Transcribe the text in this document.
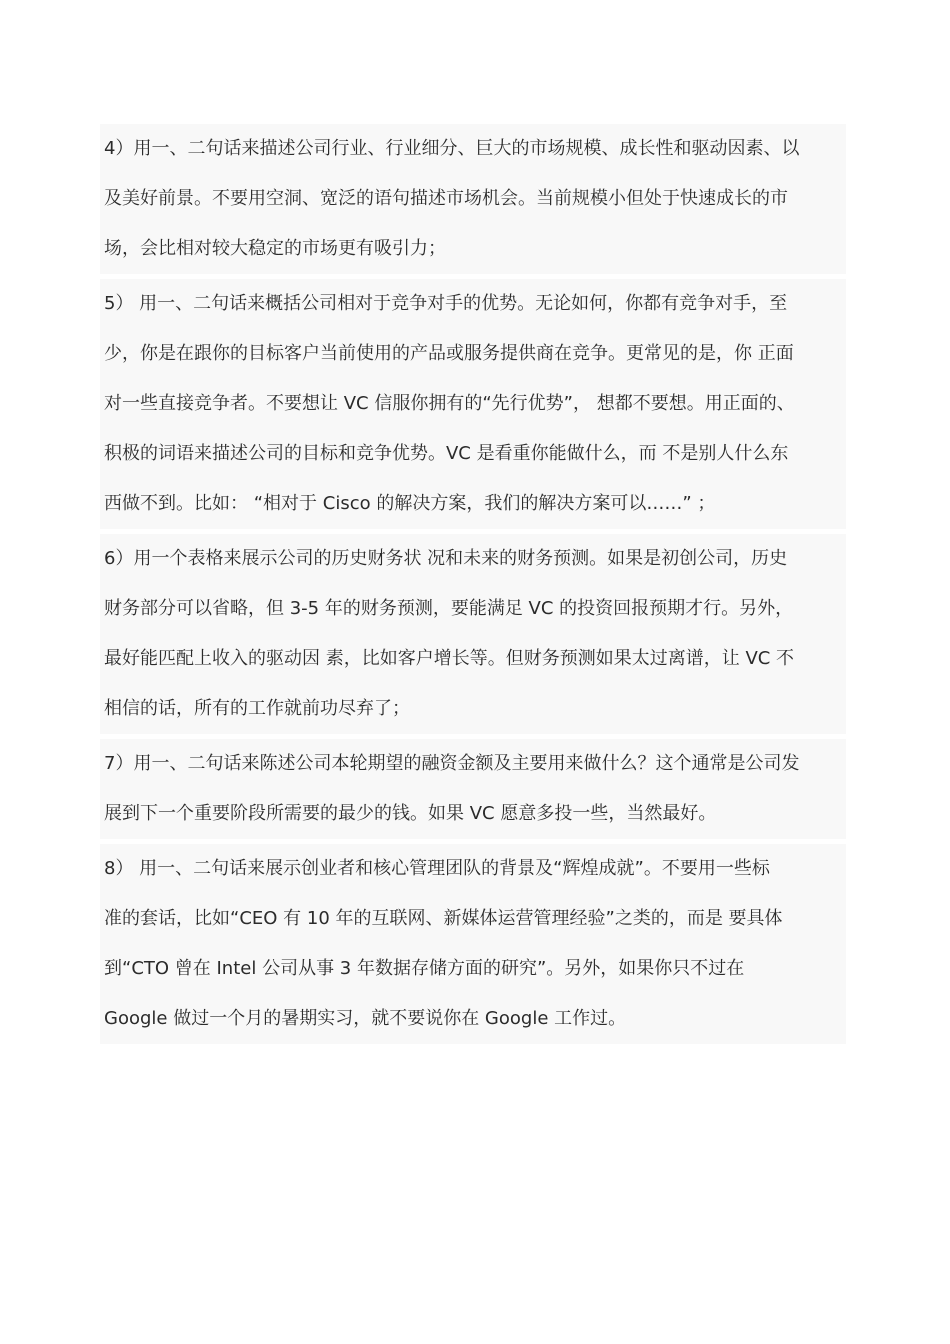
4）用一、二句话来描述公司行业、行业细分、巨大的市场规模、成长性和驱动因素、以
及美好前景。不要用空洞、宽泛的语句描述市场机会。当前规模小但处于快速成长的市
场，会比相对较大稳定的市场更有吸引力；
5） 用一、二句话来概括公司相对于竞争对手的优势。无论如何，你都有竞争对手，至
少，你是在跟你的目标客户当前使用的产品或服务提供商在竞争。更常见的是，你 正面
对一些直接竞争者。不要想让 VC 信服你拥有的“先行优势”， 想都不要想。用正面的、
积极的词语来描述公司的目标和竞争优势。VC 是看重你能做什么，而 不是别人什么东
西做不到。比如： “相对于 Cisco 的解决方案，我们的解决方案可以……” ；
6）用一个表格来展示公司的历史财务状 况和未来的财务预测。如果是初创公司，历史
财务部分可以省略，但 3-5 年的财务预测，要能满足 VC 的投资回报预期才行。另外，
最好能匹配上收入的驱动因 素，比如客户增长等。但财务预测如果太过离谱，让 VC 不
相信的话，所有的工作就前功尽弃了；
7）用一、二句话来陈述公司本轮期望的融资金额及主要用来做什么？这个通常是公司发
展到下一个重要阶段所需要的最少的钱。如果 VC 愿意多投一些，当然最好。
8） 用一、二句话来展示创业者和核心管理团队的背景及“辉煌成就”。不要用一些标
准的套话，比如“CEO 有 10 年的互联网、新媒体运营管理经验”之类的，而是 要具体
到“CTO 曾在 Intel 公司从事 3 年数据存储方面的研究”。另外，如果你只不过在
Google 做过一个月的暑期实习，就不要说你在 Google 工作过。
